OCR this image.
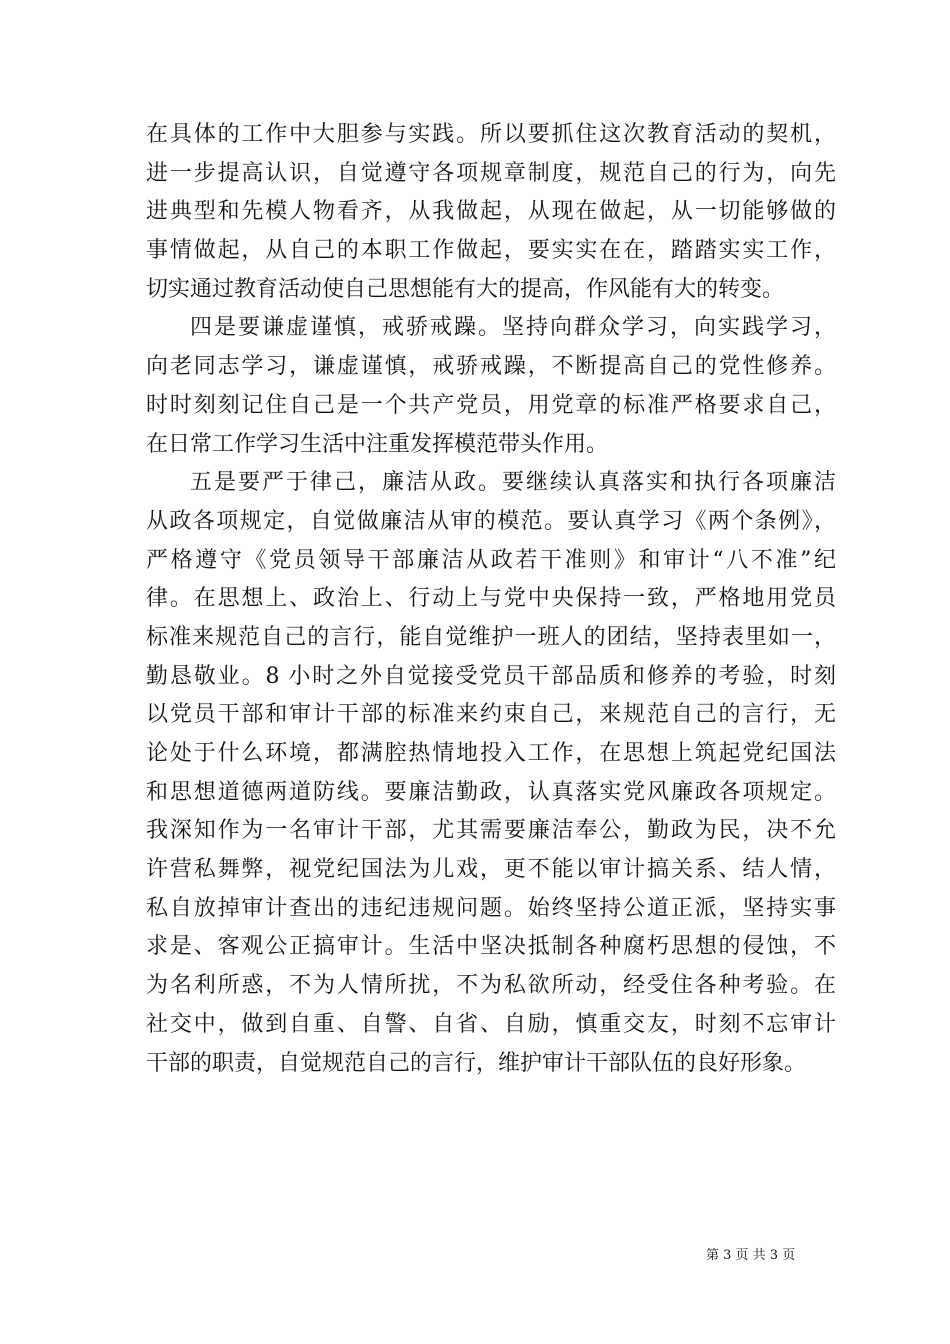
在具体的工作中大胆参与实践。所以要抓住这次教育活动的契机，
进一步提高认识，自觉遵守各项规章制度，规范自己的行为，向先
进典型和先模人物看齐，从我做起，从现在做起，从一切能够做的
事情做起，从自己的本职工作做起，要实实在在，踏踏实实工作，
切实通过教育活动使自己思想能有大的提高，作风能有大的转变。
四是要谦虚谨慎，戒骄戒躁。坚持向群众学习，向实践学习，
向老同志学习，谦虚谨慎，戒骄戒躁，不断提高自己的党性修养。
时时刻刻记住自己是一个共产党员，用党章的标准严格要求自己，
在日常工作学习生活中注重发挥模范带头作用。
五是要严于律己，廉洁从政。要继续认真落实和执行各项廉洁
从政各项规定，自觉做廉洁从审的模范。要认真学习《两个条例》，
严格遵守《党员领导干部廉洁从政若干准则》和审计“八不准”纪
律。在思想上、政治上、行动上与党中央保持一致，严格地用党员
标准来规范自己的言行，能自觉维护一班人的团结，坚持表里如一，
勤恳敬业。8 小时之外自觉接受党员干部品质和修养的考验，时刻
以党员干部和审计干部的标准来约束自己，来规范自己的言行，无
论处于什么环境，都满腔热情地投入工作，在思想上筑起党纪国法
和思想道德两道防线。要廉洁勤政，认真落实党风廉政各项规定。
我深知作为一名审计干部，尤其需要廉洁奉公，勤政为民，决不允
许营私舞弊，视党纪国法为儿戏，更不能以审计搞关系、结人情，
私自放掉审计查出的违纪违规问题。始终坚持公道正派，坚持实事
求是、客观公正搞审计。生活中坚决抵制各种腐朽思想的侵蚀，不
为名利所惑，不为人情所扰，不为私欲所动，经受住各种考验。在
社交中，做到自重、自警、自省、自励，慎重交友，时刻不忘审计
干部的职责，自觉规范自己的言行，维护审计干部队伍的良好形象。
第 3 页 共 3 页
